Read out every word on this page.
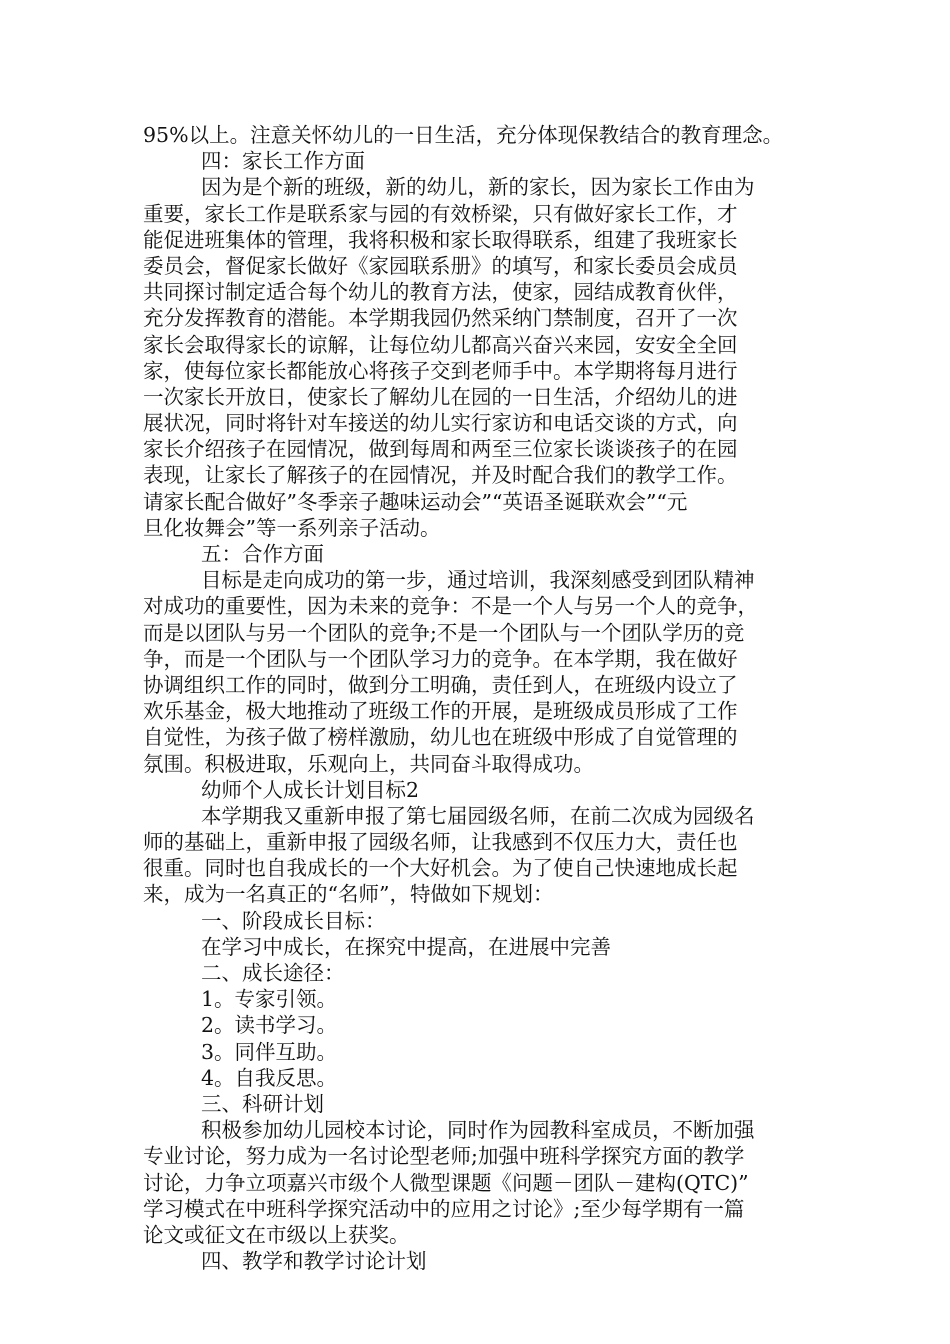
95%以上。注意关怀幼儿的一日生活，充分体现保教结合的教育理念。
四：家长工作方面
因为是个新的班级，新的幼儿，新的家长，因为家长工作由为
重要，家长工作是联系家与园的有效桥梁，只有做好家长工作，才
能促进班集体的管理，我将积极和家长取得联系，组建了我班家长
委员会，督促家长做好《家园联系册》的填写，和家长委员会成员
共同探讨制定适合每个幼儿的教育方法，使家，园结成教育伙伴，
充分发挥教育的潜能。本学期我园仍然采纳门禁制度，召开了一次
家长会取得家长的谅解，让每位幼儿都高兴奋兴来园，安安全全回
家，使每位家长都能放心将孩子交到老师手中。本学期将每月进行
一次家长开放日，使家长了解幼儿在园的一日生活，介绍幼儿的进
展状况，同时将针对车接送的幼儿实行家访和电话交谈的方式，向
家长介绍孩子在园情况，做到每周和两至三位家长谈谈孩子的在园
表现，让家长了解孩子的在园情况，并及时配合我们的教学工作。
请家长配合做好”冬季亲子趣味运动会”“英语圣诞联欢会”“元
旦化妆舞会”等一系列亲子活动。
五：合作方面
目标是走向成功的第一步，通过培训，我深刻感受到团队精神
对成功的重要性，因为未来的竞争：不是一个人与另一个人的竞争，
而是以团队与另一个团队的竞争;不是一个团队与一个团队学历的竞
争，而是一个团队与一个团队学习力的竞争。在本学期，我在做好
协调组织工作的同时，做到分工明确，责任到人，在班级内设立了
欢乐基金，极大地推动了班级工作的开展，是班级成员形成了工作
自觉性，为孩子做了榜样激励，幼儿也在班级中形成了自觉管理的
氛围。积极进取，乐观向上，共同奋斗取得成功。
幼师个人成长计划目标2
本学期我又重新申报了第七届园级名师，在前二次成为园级名
师的基础上，重新申报了园级名师，让我感到不仅压力大，责任也
很重。同时也自我成长的一个大好机会。为了使自己快速地成长起
来，成为一名真正的“名师”，特做如下规划：
一、阶段成长目标：
在学习中成长，在探究中提高，在进展中完善
二、成长途径：
1。专家引领。
2。读书学习。
3。同伴互助。
4。自我反思。
三、科研计划
积极参加幼儿园校本讨论，同时作为园教科室成员，不断加强
专业讨论，努力成为一名讨论型老师;加强中班科学探究方面的教学
讨论，力争立项嘉兴市级个人微型课题《问题－团队－建构(QTC)”
学习模式在中班科学探究活动中的应用之讨论》;至少每学期有一篇
论文或征文在市级以上获奖。
四、教学和教学讨论计划
